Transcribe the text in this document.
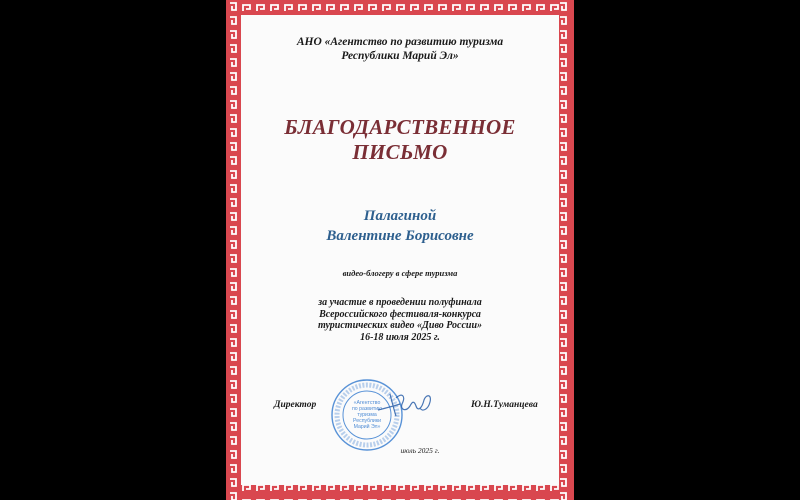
АНО «Агентство по развитию туризма
Республики Марий Эл»
БЛАГОДАРСТВЕННОЕ
ПИСЬМО
Палагиной
Валентине Борисовне
видео-блогеру в сфере туризма
за участие в проведении полуфинала
Всероссийского фестиваля-конкурса
туристических видео «Диво России»
16-18 июля 2025 г.
Директор	Ю.Н.Туманцева
«Агентство
по развитию
туризма
Республики
Марий Эл»
июль 2025 г.
